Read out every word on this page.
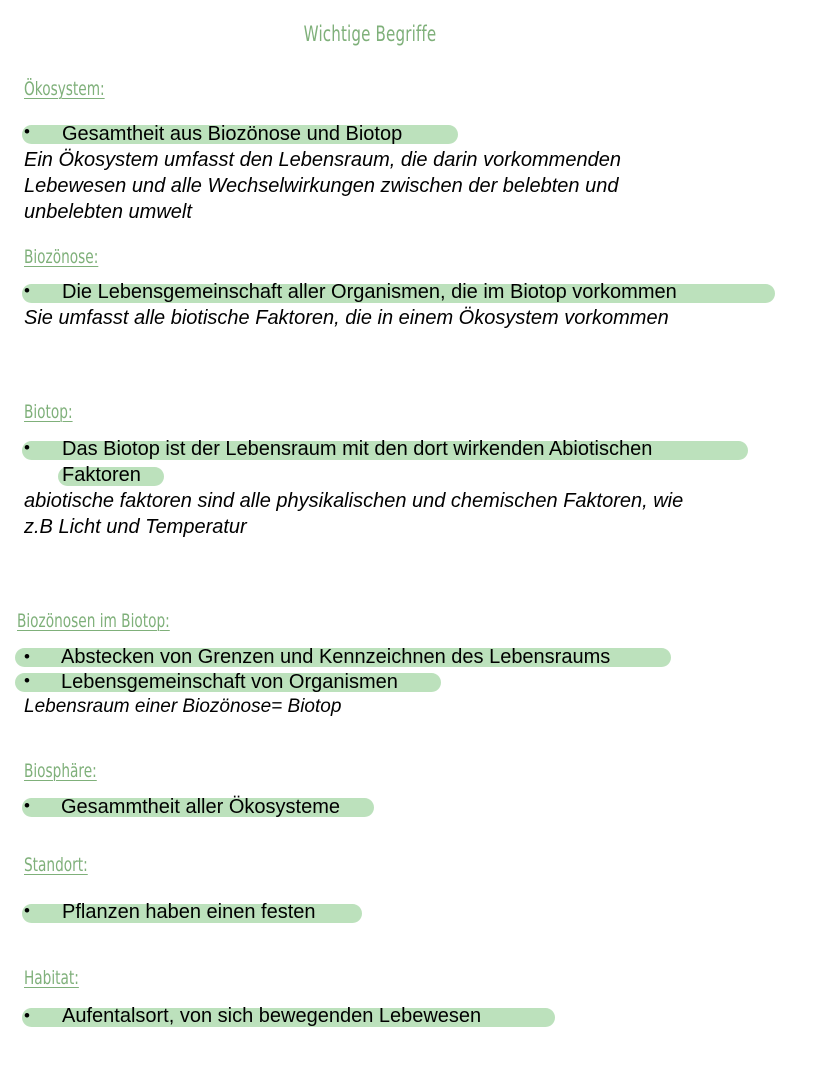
Wichtige Begriffe
Ökosystem:
• Gesamtheit aus Biozönose und Biotop
Ein Ökosystem umfasst den Lebensraum, die darin vorkommenden
Lebewesen und alle Wechselwirkungen zwischen der belebten und
unbelebten umwelt
Biozönose:
• Die Lebensgemeinschaft aller Organismen, die im Biotop vorkommen
Sie umfasst alle biotische Faktoren, die in einem Ökosystem vorkommen
Biotop:
• Das Biotop ist der Lebensraum mit den dort wirkenden Abiotischen
Faktoren
abiotische faktoren sind alle physikalischen und chemischen Faktoren, wie
z.B Licht und Temperatur
Biozönosen im Biotop:
• Abstecken von Grenzen und Kennzeichnen des Lebensraums
• Lebensgemeinschaft von Organismen
Lebensraum einer Biozönose= Biotop
Biosphäre:
• Gesammtheit aller Ökosysteme
Standort:
• Pflanzen haben einen festen
Habitat:
• Aufentalsort, von sich bewegenden Lebewesen
